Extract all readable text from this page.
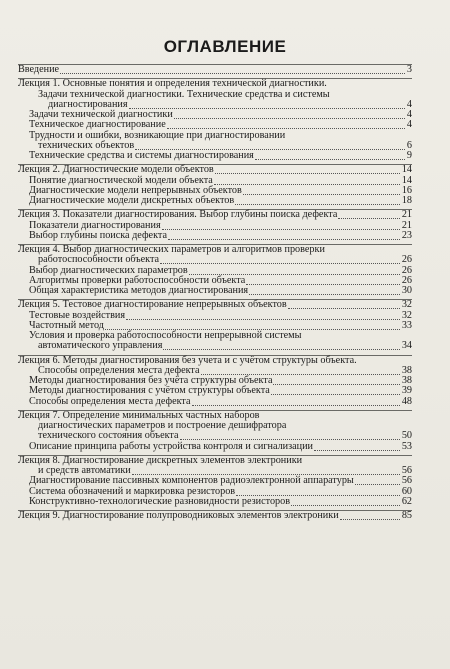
ОГЛАВЛЕНИЕ
Введение	3
Лекция 1. Основные понятия и определения технической диагностики.
Задачи технической диагностики. Технические средства и системы
диагностирования	4
Задачи технической диагностики	4
Техническое диагностирование	4
Трудности и ошибки, возникающие при диагностировании
технических объектов	6
Технические средства и системы диагностирования	9
Лекция 2. Диагностические модели объектов	14
Понятие диагностической модели объекта	14
Диагностические модели непрерывных объектов	16
Диагностические модели дискретных объектов	18
Лекция 3. Показатели диагностирования. Выбор глубины поиска дефекта	21
Показатели диагностирования	21
Выбор глубины поиска дефекта	23
Лекция 4. Выбор диагностических параметров и алгоритмов проверки
работоспособности объекта	26
Выбор диагностических параметров	26
Алгоритмы проверки работоспособности объекта	26
Общая характеристика методов диагностирования	30
Лекция 5. Тестовое диагностирование непрерывных объектов	32
Тестовые воздействия	32
Частотный метод	33
Условия и проверка работоспособности непрерывной системы
автоматического управления	34
Лекция 6. Методы диагностирования без учета и с учётом структуры объекта.
Способы определения места дефекта	38
Методы диагностирования без учёта структуры объекта	38
Методы диагностирования с учётом структуры объекта	39
Способы определения места дефекта	48
Лекция 7. Определение минимальных частных наборов
диагностических параметров и построение дешифратора
технического состояния объекта	50
Описание принципа работы устройства контроля и сигнализации	53
Лекция 8. Диагностирование дискретных элементов электроники
и средств автоматики	56
Диагностирование пассивных компонентов радиоэлектронной аппаратуры	56
Система обозначений и маркировка резисторов	60
Конструктивно-технологические разновидности резисторов	62
Лекция 9. Диагностирование полупроводниковых элементов электроники	85
